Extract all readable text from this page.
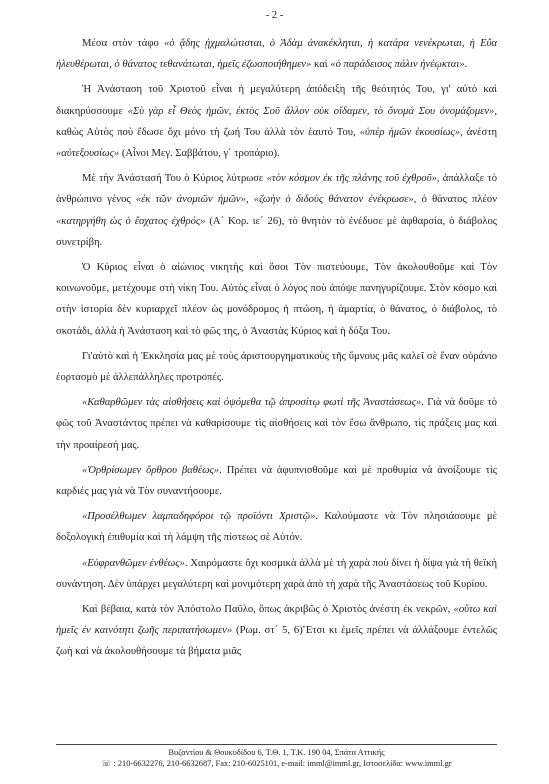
- 2 -

Μέσα στὸν τάφο «ὁ ᾅδης ᾐχμαλώτισται, ὁ Ἀδὰμ ἀνακέκληται, ἡ κατάρα νενέκρωται, ἡ Εὔα ἠλευθέρωται, ὁ θάνατος τεθανάτωται, ἡμεῖς ἐζωοποιήθημεν» καὶ «ὁ παράδεισος πάλιν ἠνέῳκται».

Ἡ Ἀνάσταση τοῦ Χριστοῦ εἶναι ἡ μεγαλύτερη ἀπόδειξη τῆς θεότητός Του, γι' αὐτὸ καὶ διακηρύσσουμε «Σὺ γὰρ εἶ Θεὸς ἡμῶν, ἐκτὸς Σοῦ ἄλλον οὐκ οἴδαμεν, τὸ ὄνομά Σου ὀνομάζομεν», καθὼς Αὐτὸς ποὺ ἔδωσε ὄχι μόνο τὴ ζωή Του ἀλλὰ τὸν ἑαυτό Του, «ὑπὲρ ἡμῶν ἑκουσίως», ἀνέστη «αὐτεξουσίως» (Αἶνοι Μεγ. Σαββάτου, γ΄ τροπάριο).

Μὲ τὴν Ἀνάστασή Του ὁ Κύριος λύτρωσε «τὸν κόσμον ἐκ τῆς πλάνης τοῦ ἐχθροῦ», ἀπάλλαξε τὸ ἀνθρώπινο γένος «ἐκ τῶν ἀνομιῶν ἡμῶν», «ζωὴν ὁ διδοὺς θάνατον ἐνέκρωσε», ὁ θάνατος πλέον «κατηργήθη ὡς ὁ ἔσχατος ἐχθρός» (Α΄ Κορ. ιε΄ 26), τὸ θνητὸν τὸ ἐνέδυσε μὲ ἀφθαρσία, ὁ διάβολος συνετρίβη.

Ὁ Κύριος εἶναι ὁ αἰώνιος νικητὴς καὶ ὅσοι Τὸν πιστεύουμε, Τὸν ἀκολουθοῦμε καὶ Τὸν κοινωνοῦμε, μετέχουμε στὴ νίκη Του. Αὐτὸς εἶναι ὁ λόγος ποὺ ἀπόψε πανηγυρίζουμε. Στὸν κόσμο καὶ στὴν ἱστορία δὲν κυριαρχεῖ πλέον ὡς μονόδρομος ἡ πτώση, ἡ ἁμαρτία, ὁ θάνατος, ὁ διάβολος, τὸ σκοτάδι, ἀλλὰ ἡ Ἀνάσταση καὶ τὸ φῶς της, ὁ Ἀναστὰς Κύριος καὶ ἡ δόξα Του.

Γι'αὐτὸ καὶ ἡ Ἐκκλησία μας μὲ τοὺς ἀριστουργηματικοὺς τῆς ὕμνους μᾶς καλεῖ σὲ ἕναν οὐράνιο ἑορτασμὸ μὲ ἀλλεπάλληλες προτροπές.

«Καθαρθῶμεν τὰς αἰσθήσεις καὶ ὀψόμεθα τῷ ἀπροσίτῳ φωτὶ τῆς Ἀναστάσεως». Γιὰ νὰ δοῦμε τὸ φῶς τοῦ Ἀναστάντος πρέπει νὰ καθαρίσουμε τὶς αἰσθήσεις καὶ τὸν ἔσω ἄνθρωπο, τὶς πράξεις μας καὶ τὴν προαίρεσή μας.

«Ὀρθρίσωμεν ὄρθρου βαθέως». Πρέπει νὰ ἀφυπνισθοῦμε καὶ μὲ προθυμία νὰ ἀνοίξουμε τὶς καρδιές μας γιὰ νὰ Τὸν συναντήσουμε.

«Προσέλθωμεν λαμπαδηφόροι τῷ προϊόντι Χριστῷ». Καλούμαστε νὰ Τὸν πλησιάσουμε μὲ δοξολογικὴ ἐπιθυμία καὶ τὴ λάμψη τῆς πίστεως σὲ Αὐτόν.

«Εὐφρανθῶμεν ἐνθέως». Χαιρόμαστε ὄχι κοσμικὰ ἀλλὰ μὲ τὴ χαρὰ ποὺ δίνει ἡ δίψα γιὰ τὴ θεϊκὴ συνάντηση. Δὲν ὑπάρχει μεγαλύτερη καὶ μονιμότερη χαρὰ ἀπὸ τὴ χαρὰ τῆς Ἀναστάσεως τοῦ Κυρίου.

Καὶ βέβαια, κατὰ τὸν Ἀπόστολο Παῦλο, ὅπως ἀκριβῶς ὁ Χριστὸς ἀνέστη ἐκ νεκρῶν, «οὕτω καὶ ἡμεῖς ἐν καινότητι ζωῆς περιπατήσωμεν» (Ρωμ. στ΄ 5, 6)Ἔτσι κι ἐμεῖς πρέπει νὰ ἀλλάξουμε ἐντελῶς ζωὴ καὶ νὰ ἀκολουθήσουμε τὰ βήματα μιᾶς

Βυζαντίου & Θουκυδίδου 6, Τ.Θ. 1, Τ.Κ. 190 04, Σπάτα Αττικής
☏ : 210-6632276, 210-6632687, Fax: 210-6025101, e-mail: imml@imml.gr, Ιστοσελίδα: www.imml.gr
